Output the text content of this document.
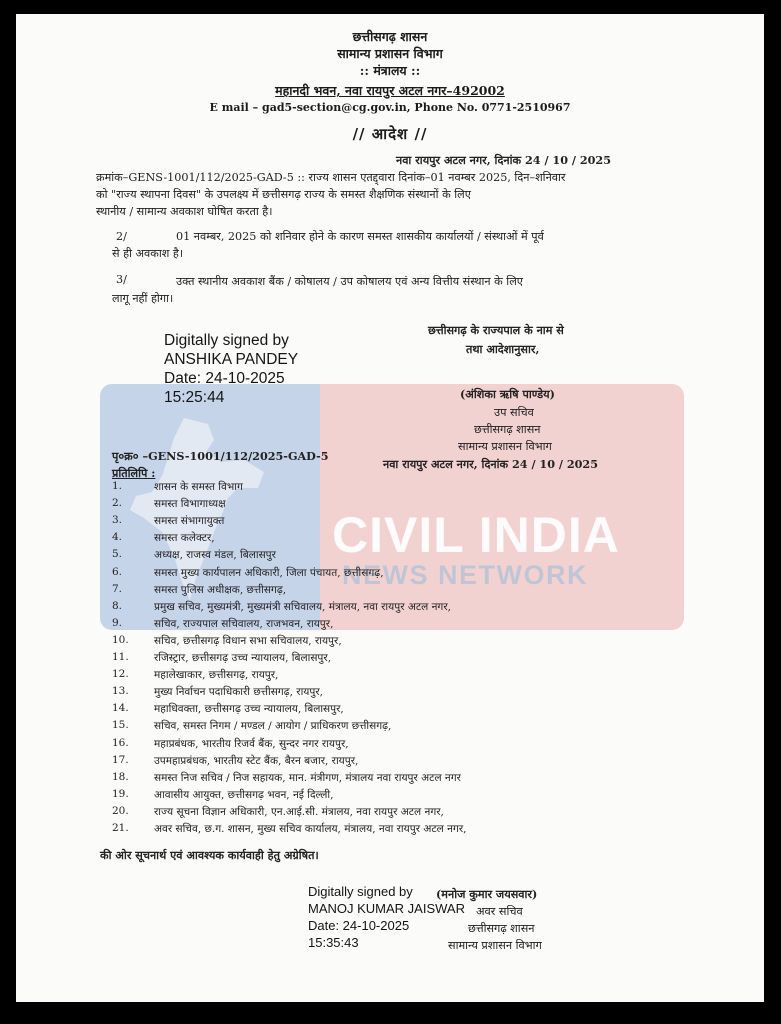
CIVIL INDIA
NEWS NETWORK
छत्तीसगढ़ शासन
सामान्य प्रशासन विभाग
:: मंत्रालय ::
महानदी भवन, नवा रायपुर अटल नगर–492002
E mail – gad5-section@cg.gov.in, Phone No. 0771-2510967
// आदेश //
नवा रायपुर अटल नगर, दिनांक 24 / 10 / 2025
क्रमांक–GENS-1001/112/2025-GAD-5 :: राज्य शासन एतद्द्वारा दिनांक–01 नवम्बर 2025, दिन–शनिवार
को "राज्य स्थापना दिवस" के उपलक्ष्य में छत्तीसगढ़ राज्य के समस्त शैक्षणिक संस्थानों के लिए
स्थानीय / सामान्य अवकाश घोषित करता है।
2/	01 नवम्बर, 2025 को शनिवार होने के कारण समस्त शासकीय कार्यालयों / संस्थाओं में पूर्व
से ही अवकाश है।
3/	उक्त स्थानीय अवकाश बैंक / कोषालय / उप कोषालय एवं अन्य वित्तीय संस्थान के लिए
लागू नहीं होगा।
छत्तीसगढ़ के राज्यपाल के नाम से
तथा आदेशानुसार,
Digitally signed by
ANSHIKA PANDEY
Date: 24-10-2025
15:25:44	(अंशिका ऋषि पाण्डेय)
उप सचिव
छत्तीसगढ़ शासन
सामान्य प्रशासन विभाग
नवा रायपुर अटल नगर, दिनांक 24 / 10 / 2025
पृ०क्र० –GENS-1001/112/2025-GAD-5
प्रतिलिपि :
1.	शासन के समस्त विभाग
2.	समस्त विभागाध्यक्ष
3.	समस्त संभागायुक्त
4.	समस्त कलेक्टर,
5.	अध्यक्ष, राजस्व मंडल, बिलासपुर
6.	समस्त मुख्य कार्यपालन अधिकारी, जिला पंचायत, छत्तीसगढ़,
7.	समस्त पुलिस अधीक्षक, छत्तीसगढ़,
8.	प्रमुख सचिव, मुख्यमंत्री, मुख्यमंत्री सचिवालय, मंत्रालय, नवा रायपुर अटल नगर,
9.	सचिव, राज्यपाल सचिवालय, राजभवन, रायपुर,
10.	सचिव, छत्तीसगढ़ विधान सभा सचिवालय, रायपुर,
11.	रजिस्ट्रार, छत्तीसगढ़ उच्च न्यायालय, बिलासपुर,
12.	महालेखाकार, छत्तीसगढ़, रायपुर,
13.	मुख्य निर्वाचन पदाधिकारी छत्तीसगढ़, रायपुर,
14.	महाधिवक्ता, छत्तीसगढ़ उच्च न्यायालय, बिलासपुर,
15.	सचिव, समस्त निगम / मण्डल / आयोग / प्राधिकरण छत्तीसगढ़,
16.	महाप्रबंधक, भारतीय रिजर्व बैंक, सुन्दर नगर रायपुर,
17.	उपमहाप्रबंधक, भारतीय स्टेट बैंक, बैरन बजार, रायपुर,
18.	समस्त निज सचिव / निज सहायक, मान. मंत्रीगण, मंत्रालय नवा रायपुर अटल नगर
19.	आवासीय आयुक्त, छत्तीसगढ़ भवन, नई दिल्ली,
20.	राज्य सूचना विज्ञान अधिकारी, एन.आई.सी. मंत्रालय, नवा रायपुर अटल नगर,
21.	अवर सचिव, छ.ग. शासन, मुख्य सचिव कार्यालय, मंत्रालय, नवा रायपुर अटल नगर,
की ओर सूचनार्थ एवं आवश्यक कार्यवाही हेतु अग्रेषित।
Digitally signed by
MANOJ KUMAR JAISWAR
Date: 24-10-2025
15:35:43
(मनोज कुमार जयसवार)
अवर सचिव
छत्तीसगढ़ शासन
सामान्य प्रशासन विभाग
